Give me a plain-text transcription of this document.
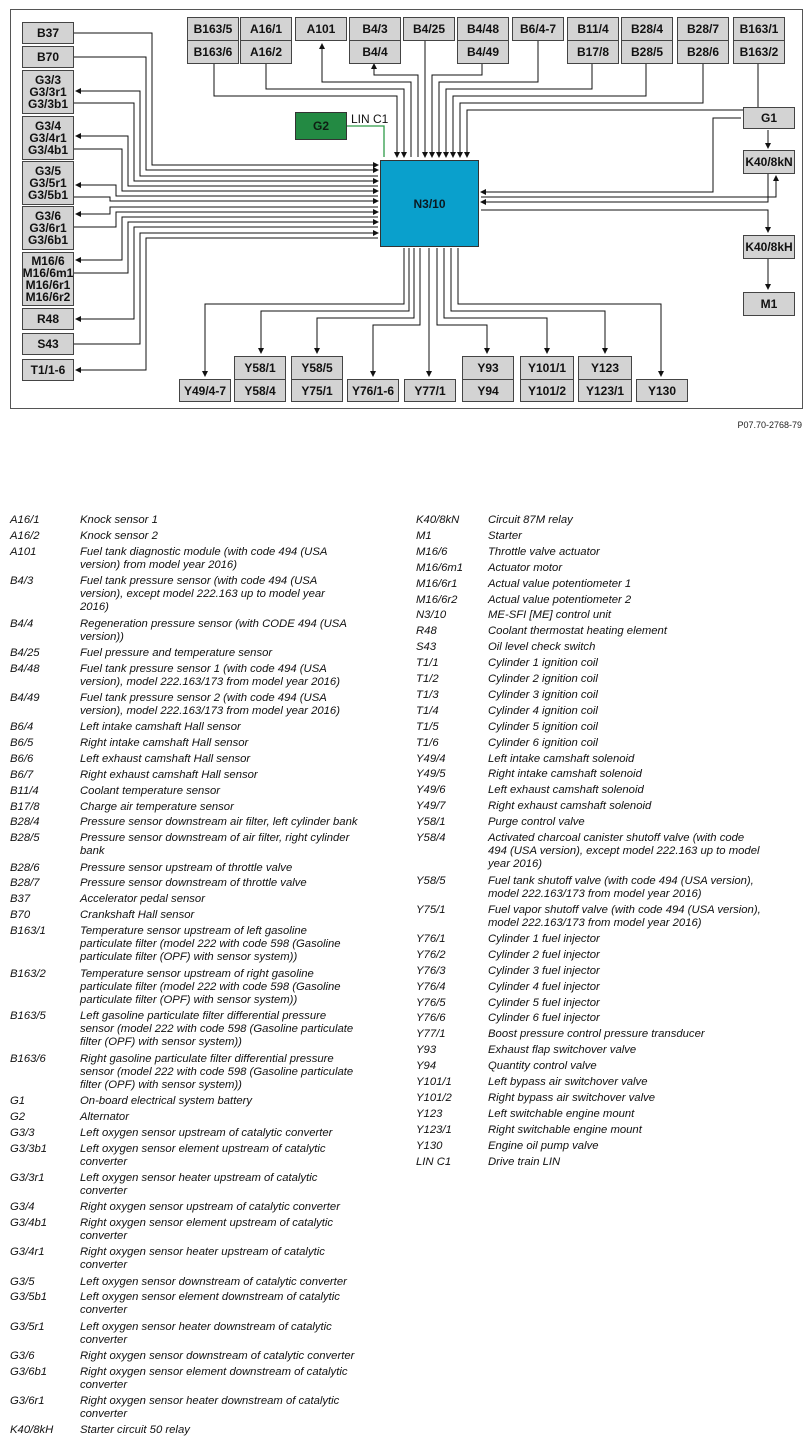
B37
B70
G3/3
G3/3r1
G3/3b1
G3/4
G3/4r1
G3/4b1
G3/5
G3/5r1
G3/5b1
G3/6
G3/6r1
G3/6b1
M16/6
M16/6m1
M16/6r1
M16/6r2
R48
S43
T1/1-6
B163/5
B163/6
A16/1
A16/2
A101 B4/3
B4/4
B4/25 B4/48
B4/49
B6/4-7 B11/4
B17/8
B28/4
B28/5
B28/7
B28/6
B163/1
B163/2
G2 LIN C1
N3/10
G1
K40/8kN
K40/8kH
M1
Y49/4-7
Y58/1
Y58/4
Y58/5
Y75/1	Y76/1-6 Y77/1
Y93
Y94
Y101/1
Y101/2
Y123
Y123/1	Y130
P07.70-2768-79
A16/1	Knock sensor 1
A16/2	Knock sensor 2
A101	Fuel tank diagnostic module (with code 494 (USA
version) from model year 2016)
B4/3	Fuel tank pressure sensor (with code 494 (USA
version), except model 222.163 up to model year
2016)
B4/4	Regeneration pressure sensor (with CODE 494 (USA
version))
B4/25	Fuel pressure and temperature sensor
B4/48	Fuel tank pressure sensor 1 (with code 494 (USA
version), model 222.163/173 from model year 2016)
B4/49	Fuel tank pressure sensor 2 (with code 494 (USA
version), model 222.163/173 from model year 2016)
B6/4	Left intake camshaft Hall sensor
B6/5	Right intake camshaft Hall sensor
B6/6	Left exhaust camshaft Hall sensor
B6/7	Right exhaust camshaft Hall sensor
B11/4	Coolant temperature sensor
B17/8	Charge air temperature sensor
B28/4	Pressure sensor downstream air filter, left cylinder bank
B28/5	Pressure sensor downstream of air filter, right cylinder
bank
B28/6	Pressure sensor upstream of throttle valve
B28/7	Pressure sensor downstream of throttle valve
B37	Accelerator pedal sensor
B70	Crankshaft Hall sensor
B163/1	Temperature sensor upstream of left gasoline
particulate filter (model 222 with code 598 (Gasoline
particulate filter (OPF) with sensor system))
B163/2	Temperature sensor upstream of right gasoline
particulate filter (model 222 with code 598 (Gasoline
particulate filter (OPF) with sensor system))
B163/5	Left gasoline particulate filter differential pressure
sensor (model 222 with code 598 (Gasoline particulate
filter (OPF) with sensor system))
B163/6	Right gasoline particulate filter differential pressure
sensor (model 222 with code 598 (Gasoline particulate
filter (OPF) with sensor system))
G1	On-board electrical system battery
G2	Alternator
G3/3	Left oxygen sensor upstream of catalytic converter
G3/3b1	Left oxygen sensor element upstream of catalytic
converter
G3/3r1	Left oxygen sensor heater upstream of catalytic
converter
G3/4	Right oxygen sensor upstream of catalytic converter
G3/4b1	Right oxygen sensor element upstream of catalytic
converter
G3/4r1	Right oxygen sensor heater upstream of catalytic
converter
G3/5	Left oxygen sensor downstream of catalytic converter
G3/5b1	Left oxygen sensor element downstream of catalytic
converter
G3/5r1	Left oxygen sensor heater downstream of catalytic
converter
G3/6	Right oxygen sensor downstream of catalytic converter
G3/6b1	Right oxygen sensor element downstream of catalytic
converter
G3/6r1	Right oxygen sensor heater downstream of catalytic
converter
K40/8kH	Starter circuit 50 relay
K40/8kN	Circuit 87M relay
M1	Starter
M16/6	Throttle valve actuator
M16/6m1	Actuator motor
M16/6r1	Actual value potentiometer 1
M16/6r2	Actual value potentiometer 2
N3/10	ME-SFI [ME] control unit
R48	Coolant thermostat heating element
S43	Oil level check switch
T1/1	Cylinder 1 ignition coil
T1/2	Cylinder 2 ignition coil
T1/3	Cylinder 3 ignition coil
T1/4	Cylinder 4 ignition coil
T1/5	Cylinder 5 ignition coil
T1/6	Cylinder 6 ignition coil
Y49/4	Left intake camshaft solenoid
Y49/5	Right intake camshaft solenoid
Y49/6	Left exhaust camshaft solenoid
Y49/7	Right exhaust camshaft solenoid
Y58/1	Purge control valve
Y58/4	Activated charcoal canister shutoff valve (with code
494 (USA version), except model 222.163 up to model
year 2016)
Y58/5	Fuel tank shutoff valve (with code 494 (USA version),
model 222.163/173 from model year 2016)
Y75/1	Fuel vapor shutoff valve (with code 494 (USA version),
model 222.163/173 from model year 2016)
Y76/1	Cylinder 1 fuel injector
Y76/2	Cylinder 2 fuel injector
Y76/3	Cylinder 3 fuel injector
Y76/4	Cylinder 4 fuel injector
Y76/5	Cylinder 5 fuel injector
Y76/6	Cylinder 6 fuel injector
Y77/1	Boost pressure control pressure transducer
Y93	Exhaust flap switchover valve
Y94	Quantity control valve
Y101/1	Left bypass air switchover valve
Y101/2	Right bypass air switchover valve
Y123	Left switchable engine mount
Y123/1	Right switchable engine mount
Y130	Engine oil pump valve
LIN C1	Drive train LIN
